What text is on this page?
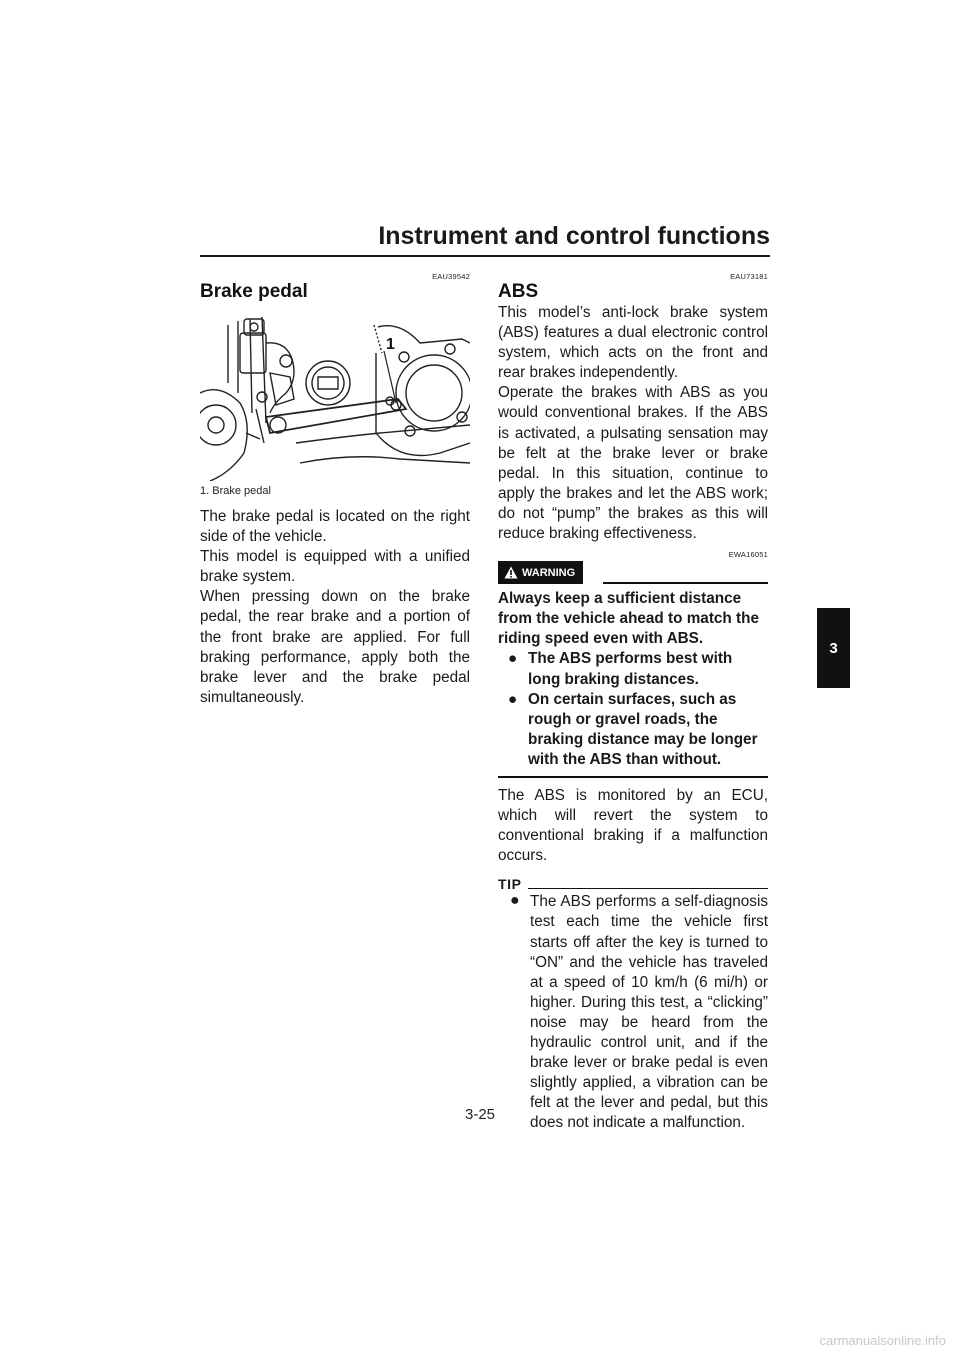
Instrument and control functions
3
EAU39542
Brake pedal
1
1. Brake pedal

The brake pedal is located on the right side of the vehicle.

This model is equipped with a unified brake system.

When pressing down on the brake pedal, the rear brake and a portion of the front brake are applied. For full braking performance, apply both the brake lever and the brake pedal simultaneously.

EAU73181
ABS

This model’s anti-lock brake system (ABS) features a dual electronic control system, which acts on the front and rear brakes independently.

Operate the brakes with ABS as you would conventional brakes. If the ABS is activated, a pulsating sensation may be felt at the brake lever or brake pedal. In this situation, continue to apply the brakes and let the ABS work; do not “pump” the brakes as this will reduce braking effectiveness.

EWA16051
WARNING
Always keep a sufficient distance from the vehicle ahead to match the riding speed even with ABS.
● The ABS performs best with long braking distances.
● On certain surfaces, such as rough or gravel roads, the braking distance may be longer with the ABS than without.

The ABS is monitored by an ECU, which will revert the system to conventional braking if a malfunction occurs.

TIP
● The ABS performs a self-diagnosis test each time the vehicle first starts off after the key is turned to “ON” and the vehicle has traveled at a speed of 10 km/h (6 mi/h) or higher. During this test, a “clicking” noise may be heard from the hydraulic control unit, and if the brake lever or brake pedal is even slightly applied, a vibration can be felt at the lever and pedal, but this does not indicate a malfunction.

3-25
carmanualsonline.info
